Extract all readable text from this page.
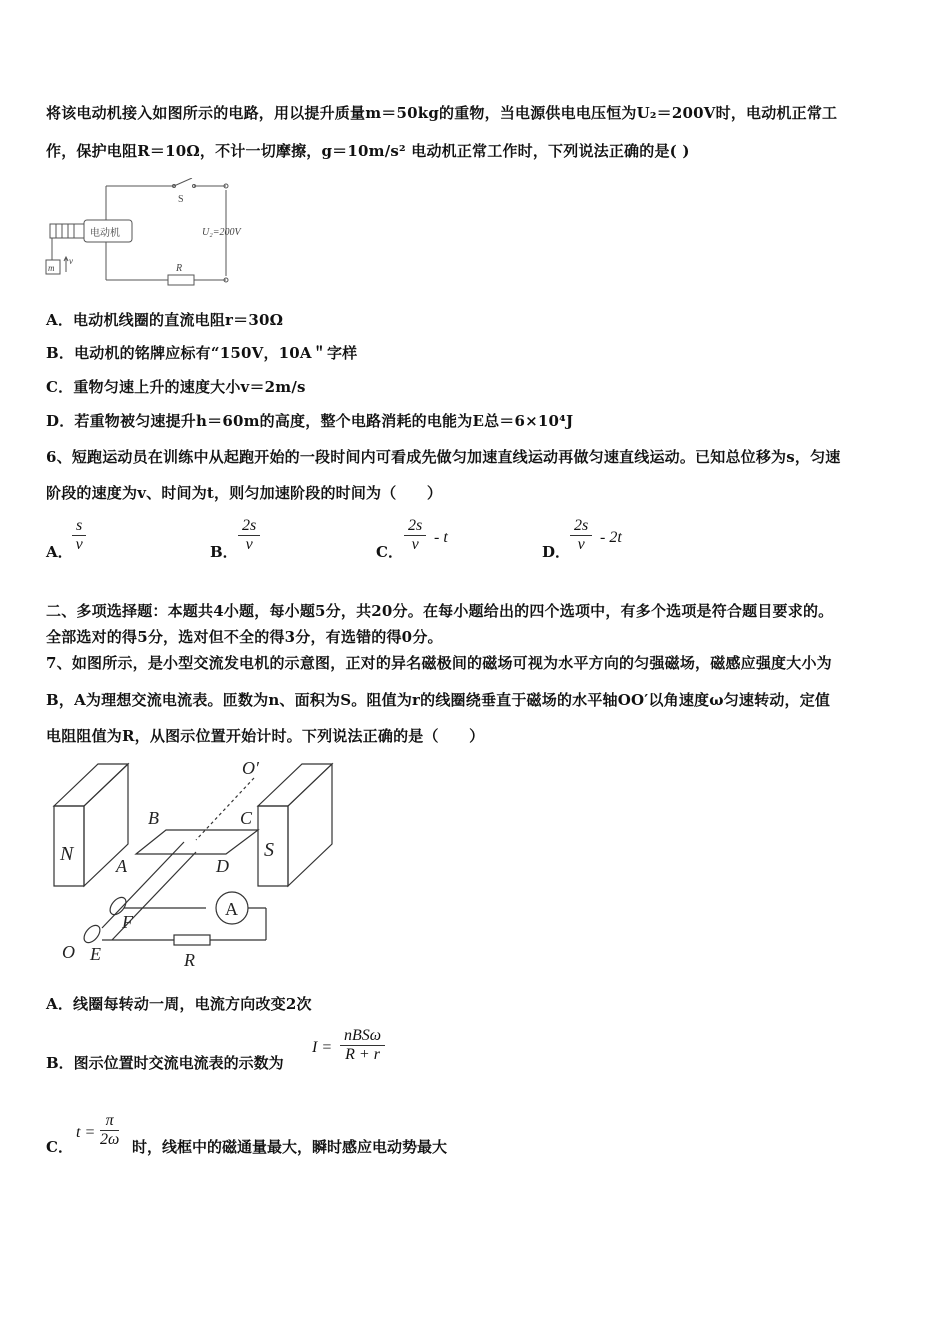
将该电动机接入如图所示的电路，用以提升质量m＝50kg的重物，当电源供电电压恒为U₂＝200V时，电动机正常工
作，保护电阻R＝10Ω，不计一切摩擦，g＝10m/s² 电动机正常工作时，下列说法正确的是( )
电动机
S
U₂=200V
R
m
v
A．电动机线圈的直流电阻r＝30Ω
B．电动机的铭牌应标有“150V，10A＂字样
C．重物匀速上升的速度大小v＝2m/s
D．若重物被匀速提升h＝60m的高度，整个电路消耗的电能为E总＝6×10⁴J
6、短跑运动员在训练中从起跑开始的一段时间内可看成先做匀加速直线运动再做匀速直线运动。已知总位移为s，匀速
阶段的速度为v、时间为t，则匀加速阶段的时间为（　　）
A． $\frac{s}{v}$	B． $\frac{2s}{v}$	C． $\frac{2s}{v}$ - t
D． $\frac{2s}{v} - 2t$
二、多项选择题：本题共4小题，每小题5分，共20分。在每小题给出的四个选项中，有多个选项是符合题目要求的。
全部选对的得5分，选对但不全的得3分，有选错的得0分。
7、如图所示，是小型交流发电机的示意图，正对的异名磁极间的磁场可视为水平方向的匀强磁场，磁感应强度大小为
B，A为理想交流电流表。匝数为n、面积为S。阻值为r的线圈绕垂直于磁场的水平轴OO′以角速度ω匀速转动，定值
电阻阻值为R，从图示位置开始计时。下列说法正确的是（　　）
N	S
B	C
A	D
O′
F
O E	R
A
A．线圈每转动一周，电流方向改变2次
B．图示位置时交流电流表的示数为
I =
nBSω
R + r
C．
$t = \frac{\pi}{2\omega}$ 时，线框中的磁通量最大，瞬时感应电动势最大
